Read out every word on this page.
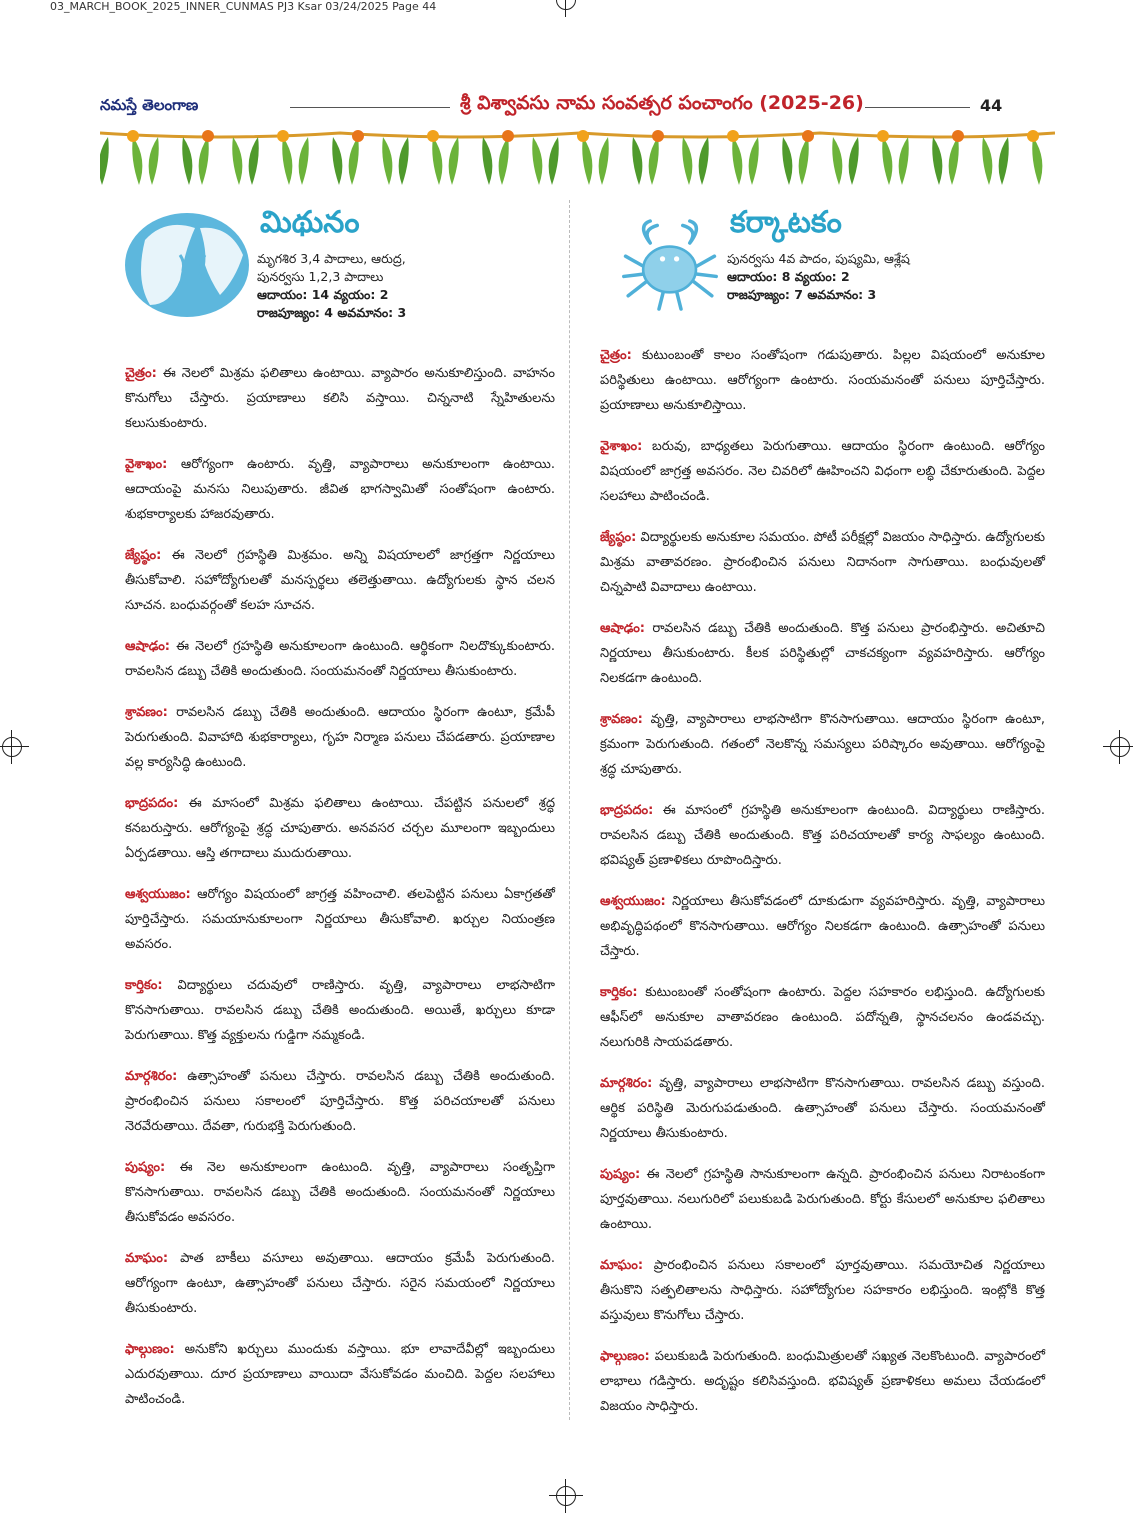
03_MARCH_BOOK_2025_INNER_CUNMAS PJ3 Ksar 03/24/2025 Page 44
నమస్తే తెలంగాణ	శ్రీ విశ్వావసు నామ సంవత్సర పంచాంగం (2025-26)	44
మిథునం
మృగశిర 3,4 పాదాలు, ఆరుద్ర,
పునర్వసు 1,2,3 పాదాలు
ఆదాయం: 14 వ్యయం: 2
రాజపూజ్యం: 4 అవమానం: 3

చైత్రం: ఈ నెలలో మిశ్రమ ఫలితాలు ఉంటాయి. వ్యాపారం అనుకూలిస్తుంది. వాహనం కొనుగోలు చేస్తారు. ప్రయాణాలు కలిసి వస్తాయి. చిన్ననాటి స్నేహితులను కలుసుకుంటారు.

వైశాఖం: ఆరోగ్యంగా ఉంటారు. వృత్తి, వ్యాపారాలు అనుకూలంగా ఉంటాయి. ఆదాయంపై మనసు నిలుపుతారు. జీవిత భాగస్వామితో సంతోషంగా ఉంటారు. శుభకార్యాలకు హాజరవుతారు.

జ్యేష్ఠం: ఈ నెలలో గ్రహస్థితి మిశ్రమం. అన్ని విషయాలలో జాగ్రత్తగా నిర్ణయాలు తీసుకోవాలి. సహోద్యోగులతో మనస్పర్థలు తలెత్తుతాయి. ఉద్యోగులకు స్థాన చలన సూచన. బంధువర్గంతో కలహ సూచన.

ఆషాఢం: ఈ నెలలో గ్రహస్థితి అనుకూలంగా ఉంటుంది. ఆర్థికంగా నిలదొక్కుకుంటారు. రావలసిన డబ్బు చేతికి అందుతుంది. సంయమనంతో నిర్ణయాలు తీసుకుంటారు.

శ్రావణం: రావలసిన డబ్బు చేతికి అందుతుంది. ఆదాయం స్థిరంగా ఉంటూ, క్రమేపీ పెరుగుతుంది. వివాహాది శుభకార్యాలు, గృహ నిర్మాణ పనులు చేపడతారు. ప్రయాణాల వల్ల కార్యసిద్ధి ఉంటుంది.

భాద్రపదం: ఈ మాసంలో మిశ్రమ ఫలితాలు ఉంటాయి. చేపట్టిన పనులలో శ్రద్ధ కనబరుస్తారు. ఆరోగ్యంపై శ్రద్ధ చూపుతారు. అనవసర చర్చల మూలంగా ఇబ్బందులు ఏర్పడతాయి. ఆస్తి తగాదాలు ముదురుతాయి.

ఆశ్వయుజం: ఆరోగ్యం విషయంలో జాగ్రత్త వహించాలి. తలపెట్టిన పనులు ఏకాగ్రతతో పూర్తిచేస్తారు. సమయానుకూలంగా నిర్ణయాలు తీసుకోవాలి. ఖర్చుల నియంత్రణ అవసరం.

కార్తికం: విద్యార్థులు చదువులో రాణిస్తారు. వృత్తి, వ్యాపారాలు లాభసాటిగా కొనసాగుతాయి. రావలసిన డబ్బు చేతికి అందుతుంది. అయితే, ఖర్చులు కూడా పెరుగుతాయి. కొత్త వ్యక్తులను గుడ్డిగా నమ్మకండి.

మార్గశిరం: ఉత్సాహంతో పనులు చేస్తారు. రావలసిన డబ్బు చేతికి అందుతుంది. ప్రారంభించిన పనులు సకాలంలో పూర్తిచేస్తారు. కొత్త పరిచయాలతో పనులు నెరవేరుతాయి. దేవతా, గురుభక్తి పెరుగుతుంది.

పుష్యం: ఈ నెల అనుకూలంగా ఉంటుంది. వృత్తి, వ్యాపారాలు సంతృప్తిగా కొనసాగుతాయి. రావలసిన డబ్బు చేతికి అందుతుంది. సంయమనంతో నిర్ణయాలు తీసుకోవడం అవసరం.

మాఘం: పాత బాకీలు వసూలు అవుతాయి. ఆదాయం క్రమేపీ పెరుగుతుంది. ఆరోగ్యంగా ఉంటూ, ఉత్సాహంతో పనులు చేస్తారు. సరైన సమయంలో నిర్ణయాలు తీసుకుంటారు.

ఫాల్గుణం: అనుకోని ఖర్చులు ముందుకు వస్తాయి. భూ లావాదేవీల్లో ఇబ్బందులు ఎదురవుతాయి. దూర ప్రయాణాలు వాయిదా వేసుకోవడం మంచిది. పెద్దల సలహాలు పాటించండి.

కర్కాటకం
పునర్వసు 4వ పాదం, పుష్యమి, ఆశ్లేష
ఆదాయం: 8 వ్యయం: 2
రాజపూజ్యం: 7 అవమానం: 3

చైత్రం: కుటుంబంతో కాలం సంతోషంగా గడుపుతారు. పిల్లల విషయంలో అనుకూల పరిస్థితులు ఉంటాయి. ఆరోగ్యంగా ఉంటారు. సంయమనంతో పనులు పూర్తిచేస్తారు. ప్రయాణాలు అనుకూలిస్తాయి.

వైశాఖం: బరువు, బాధ్యతలు పెరుగుతాయి. ఆదాయం స్థిరంగా ఉంటుంది. ఆరోగ్యం విషయంలో జాగ్రత్త అవసరం. నెల చివరిలో ఊహించని విధంగా లబ్ధి చేకూరుతుంది. పెద్దల సలహాలు పాటించండి.

జ్యేష్ఠం: విద్యార్థులకు అనుకూల సమయం. పోటీ పరీక్షల్లో విజయం సాధిస్తారు. ఉద్యోగులకు మిశ్రమ వాతావరణం. ప్రారంభించిన పనులు నిదానంగా సాగుతాయి. బంధువులతో చిన్నపాటి వివాదాలు ఉంటాయి.

ఆషాఢం: రావలసిన డబ్బు చేతికి అందుతుంది. కొత్త పనులు ప్రారంభిస్తారు. అచితూచి నిర్ణయాలు తీసుకుంటారు. కీలక పరిస్థితుల్లో చాకచక్యంగా వ్యవహరిస్తారు. ఆరోగ్యం నిలకడగా ఉంటుంది.

శ్రావణం: వృత్తి, వ్యాపారాలు లాభసాటిగా కొనసాగుతాయి. ఆదాయం స్థిరంగా ఉంటూ, క్రమంగా పెరుగుతుంది. గతంలో నెలకొన్న సమస్యలు పరిష్కారం అవుతాయి. ఆరోగ్యంపై శ్రద్ధ చూపుతారు.

భాద్రపదం: ఈ మాసంలో గ్రహస్థితి అనుకూలంగా ఉంటుంది. విద్యార్థులు రాణిస్తారు. రావలసిన డబ్బు చేతికి అందుతుంది. కొత్త పరిచయాలతో కార్య సాఫల్యం ఉంటుంది. భవిష్యత్ ప్రణాళికలు రూపొందిస్తారు.

ఆశ్వయుజం: నిర్ణయాలు తీసుకోవడంలో దూకుడుగా వ్యవహరిస్తారు. వృత్తి, వ్యాపారాలు అభివృద్ధిపథంలో కొనసాగుతాయి. ఆరోగ్యం నిలకడగా ఉంటుంది. ఉత్సాహంతో పనులు చేస్తారు.

కార్తికం: కుటుంబంతో సంతోషంగా ఉంటారు. పెద్దల సహకారం లభిస్తుంది. ఉద్యోగులకు ఆఫీస్‌లో అనుకూల వాతావరణం ఉంటుంది. పదోన్నతి, స్థానచలనం ఉండవచ్చు. నలుగురికి సాయపడతారు.

మార్గశిరం: వృత్తి, వ్యాపారాలు లాభసాటిగా కొనసాగుతాయి. రావలసిన డబ్బు వస్తుంది. ఆర్థిక పరిస్థితి మెరుగుపడుతుంది. ఉత్సాహంతో పనులు చేస్తారు. సంయమనంతో నిర్ణయాలు తీసుకుంటారు.

పుష్యం: ఈ నెలలో గ్రహస్థితి సానుకూలంగా ఉన్నది. ప్రారంభించిన పనులు నిరాటంకంగా పూర్తవుతాయి. నలుగురిలో పలుకుబడి పెరుగుతుంది. కోర్టు కేసులలో అనుకూల ఫలితాలు ఉంటాయి.

మాఘం: ప్రారంభించిన పనులు సకాలంలో పూర్తవుతాయి. సమయోచిత నిర్ణయాలు తీసుకొని సత్ఫలితాలను సాధిస్తారు. సహోద్యోగుల సహకారం లభిస్తుంది. ఇంట్లోకి కొత్త వస్తువులు కొనుగోలు చేస్తారు.

ఫాల్గుణం: పలుకుబడి పెరుగుతుంది. బంధుమిత్రులతో సఖ్యత నెలకొంటుంది. వ్యాపారంలో లాభాలు గడిస్తారు. అదృష్టం కలిసివస్తుంది. భవిష్యత్ ప్రణాళికలు అమలు చేయడంలో విజయం సాధిస్తారు.
